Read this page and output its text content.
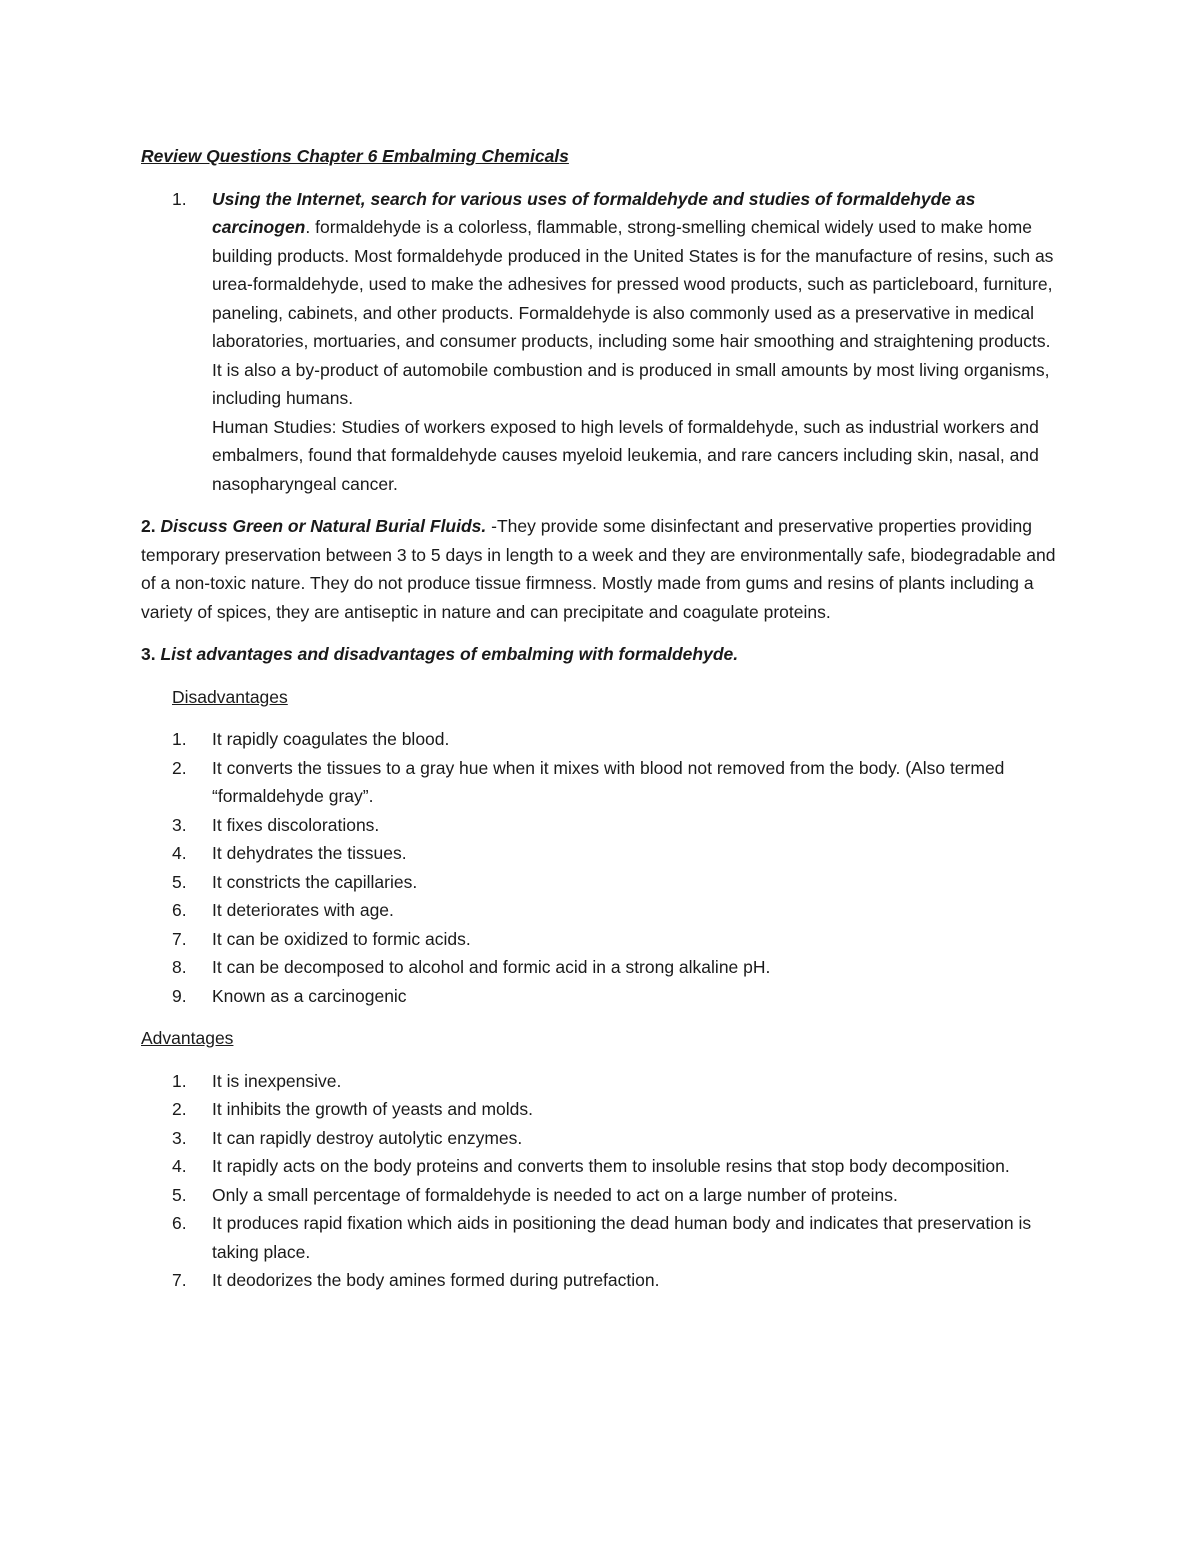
Review Questions Chapter 6 Embalming Chemicals

1. Using the Internet, search for various uses of formaldehyde and studies of formaldehyde as carcinogen. formaldehyde is a colorless, flammable, strong-smelling chemical widely used to make home building products. Most formaldehyde produced in the United States is for the manufacture of resins, such as urea-formaldehyde, used to make the adhesives for pressed wood products, such as particleboard, furniture, paneling, cabinets, and other products. Formaldehyde is also commonly used as a preservative in medical laboratories, mortuaries, and consumer products, including some hair smoothing and straightening products. It is also a by-product of automobile combustion and is produced in small amounts by most living organisms, including humans.
Human Studies: Studies of workers exposed to high levels of formaldehyde, such as industrial workers and embalmers, found that formaldehyde causes myeloid leukemia, and rare cancers including skin, nasal, and nasopharyngeal cancer.

2. Discuss Green or Natural Burial Fluids. -They provide some disinfectant and preservative properties providing temporary preservation between 3 to 5 days in length to a week and they are environmentally safe, biodegradable and of a non-toxic nature. They do not produce tissue firmness. Mostly made from gums and resins of plants including a variety of spices, they are antiseptic in nature and can precipitate and coagulate proteins.

3. List advantages and disadvantages of embalming with formaldehyde.

Disadvantages

1. It rapidly coagulates the blood.
2. It converts the tissues to a gray hue when it mixes with blood not removed from the body. (Also termed “formaldehyde gray”.
3. It fixes discolorations.
4. It dehydrates the tissues.
5. It constricts the capillaries.
6. It deteriorates with age.
7. It can be oxidized to formic acids.
8. It can be decomposed to alcohol and formic acid in a strong alkaline pH.
9. Known as a carcinogenic

Advantages

1. It is inexpensive.
2. It inhibits the growth of yeasts and molds.
3. It can rapidly destroy autolytic enzymes.
4. It rapidly acts on the body proteins and converts them to insoluble resins that stop body decomposition.
5. Only a small percentage of formaldehyde is needed to act on a large number of proteins.
6. It produces rapid fixation which aids in positioning the dead human body and indicates that preservation is taking place.
7. It deodorizes the body amines formed during putrefaction.
